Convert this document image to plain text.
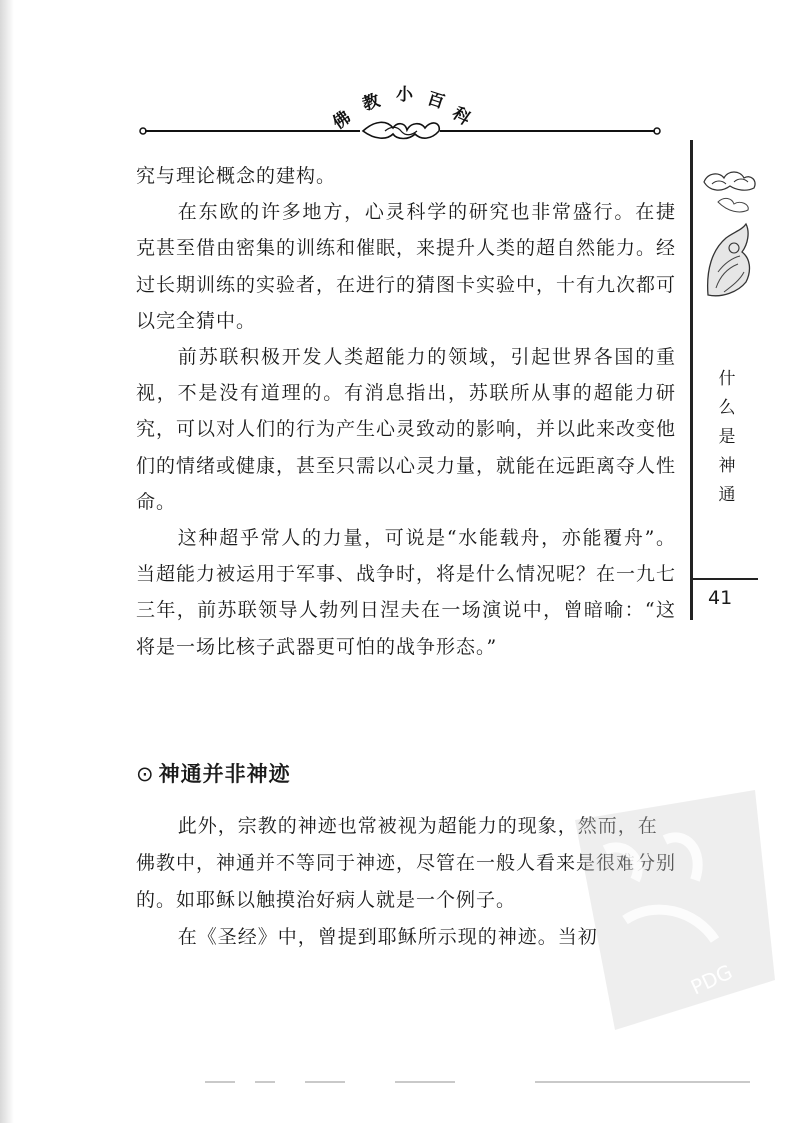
佛
教 小 百
科

究与理论概念的建构。

在东欧的许多地方，心灵科学的研究也非常盛行。在捷克甚至借由密集的训练和催眠，来提升人类的超自然能力。经过长期训练的实验者，在进行的猜图卡实验中，十有九次都可以完全猜中。

前苏联积极开发人类超能力的领域，引起世界各国的重视，不是没有道理的。有消息指出，苏联所从事的超能力研究，可以对人们的行为产生心灵致动的影响，并以此来改变他们的情绪或健康，甚至只需以心灵力量，就能在远距离夺人性命。

这种超乎常人的力量，可说是“水能载舟，亦能覆舟”。当超能力被运用于军事、战争时，将是什么情况呢？在一九七三年，前苏联领导人勃列日涅夫在一场演说中，曾暗喻：“这将是一场比核子武器更可怕的战争形态。”

⊙ 神通并非神迹

此外，宗教的神迹也常被视为超能力的现象，然而，在佛教中，神通并不等同于神迹，尽管在一般人看来是很难分别的。如耶稣以触摸治好病人就是一个例子。

在《圣经》中，曾提到耶稣所示现的神迹。当初

什
么
是
神
通
41
PDG
